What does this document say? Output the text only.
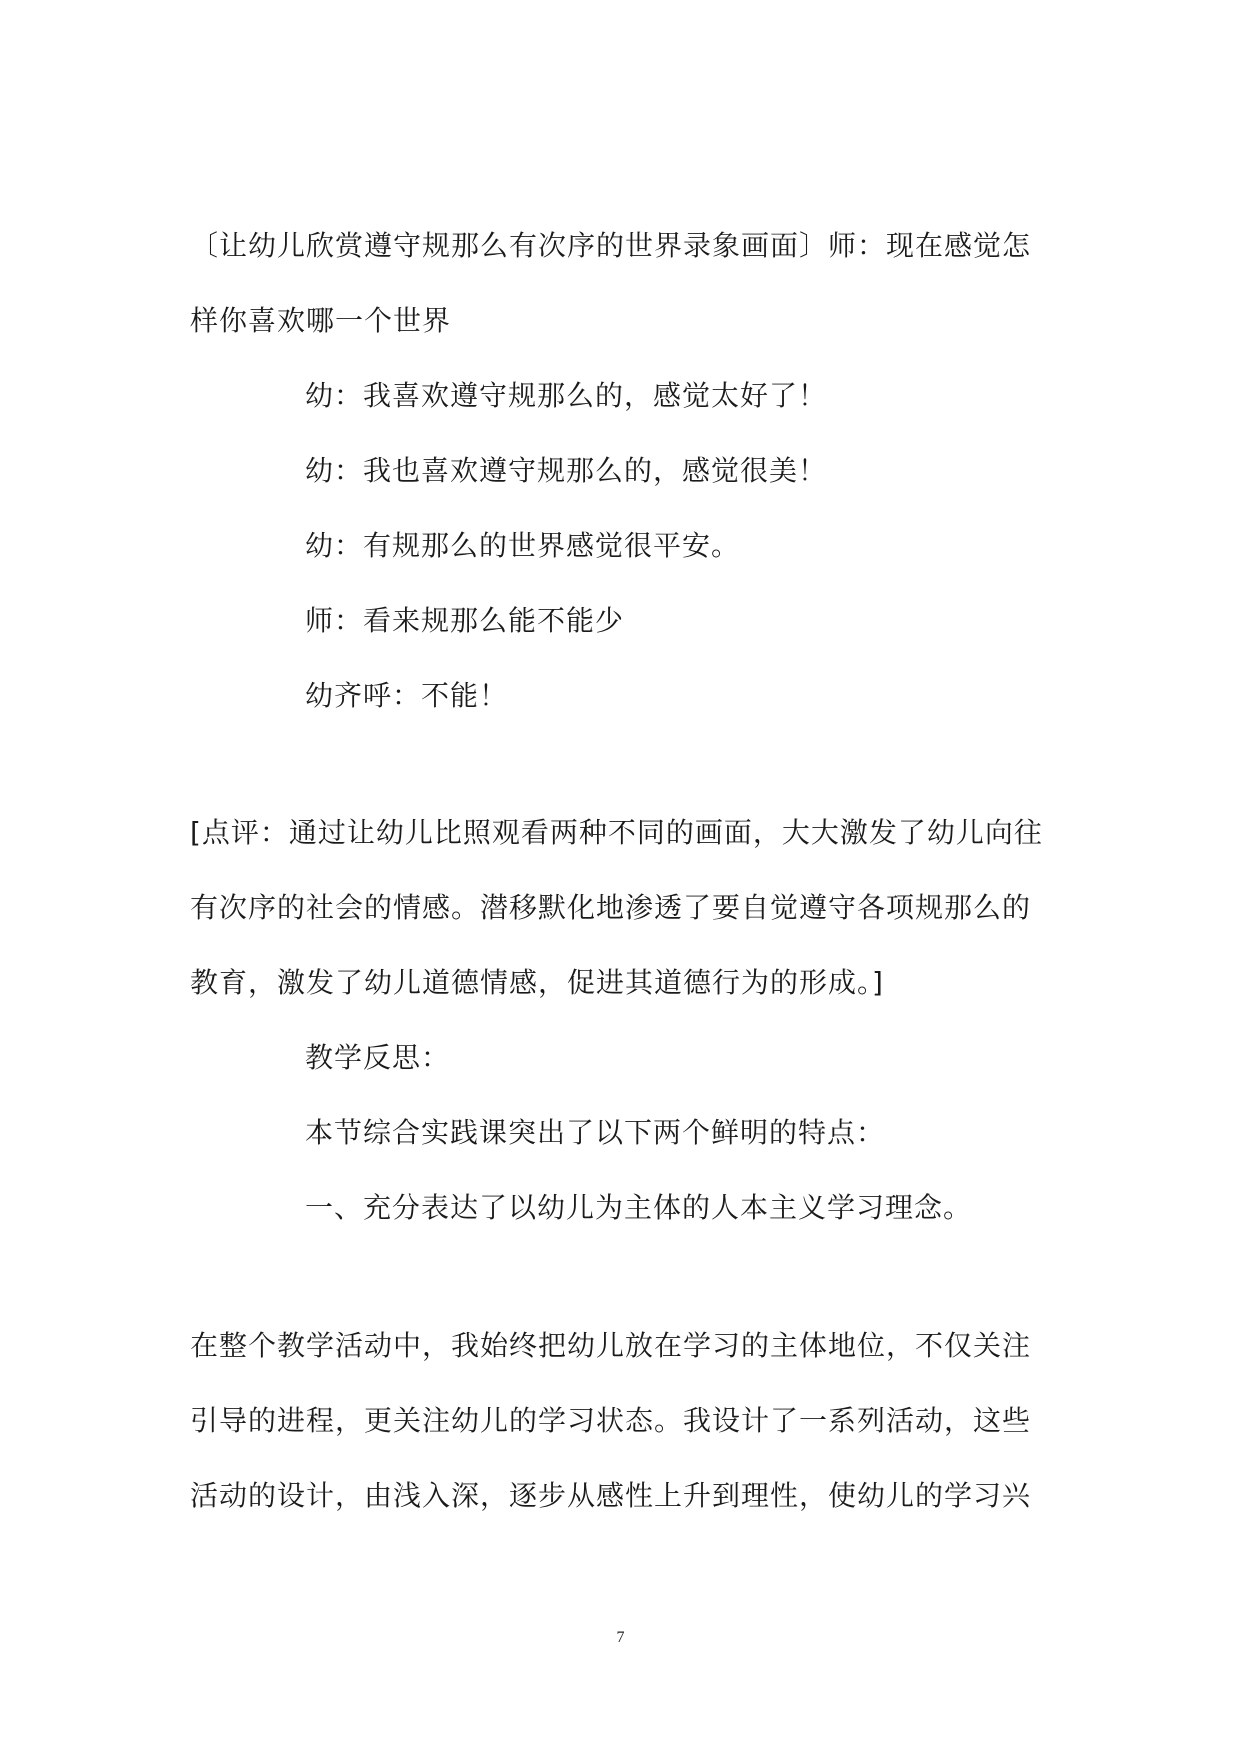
〔让幼儿欣赏遵守规那么有次序的世界录象画面〕师：现在感觉怎
样你喜欢哪一个世界
幼：我喜欢遵守规那么的，感觉太好了！
幼：我也喜欢遵守规那么的，感觉很美！
幼：有规那么的世界感觉很平安。
师：看来规那么能不能少
幼齐呼：不能！
[点评：通过让幼儿比照观看两种不同的画面，大大激发了幼儿向往
有次序的社会的情感。潜移默化地渗透了要自觉遵守各项规那么的
教育，激发了幼儿道德情感，促进其道德行为的形成。]
教学反思：
本节综合实践课突出了以下两个鲜明的特点：
一、充分表达了以幼儿为主体的人本主义学习理念。
在整个教学活动中，我始终把幼儿放在学习的主体地位，不仅关注
引导的进程，更关注幼儿的学习状态。我设计了一系列活动，这些
活动的设计，由浅入深，逐步从感性上升到理性，使幼儿的学习兴
7
